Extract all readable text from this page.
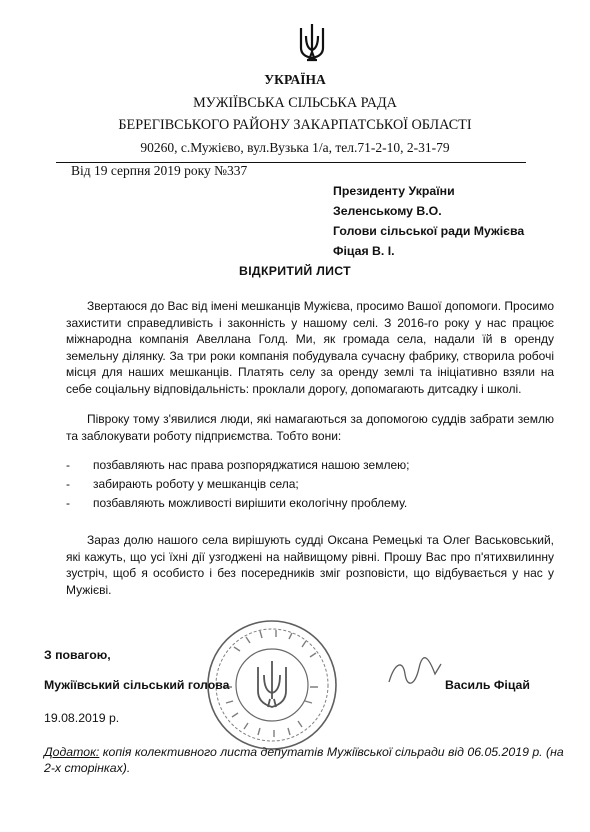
УКРАЇНА
МУЖІЇВСЬКА СІЛЬСЬКА РАДА
БЕРЕГІВСЬКОГО РАЙОНУ ЗАКАРПАТСЬКОЇ ОБЛАСТІ
90260, с.Мужієво, вул.Вузька 1/а, тел.71-2-10, 2-31-79
Від 19 серпня 2019 року №337
Президенту України
Зеленському В.О.
Голови сільської ради Мужієва
Фіцая В. І.
ВІДКРИТИЙ ЛИСТ
Звертаюся до Вас від імені мешканців Мужієва, просимо Вашої допомоги. Просимо захистити справедливість і законність у нашому селі. З 2016-го року у нас працює міжнародна компанія Авеллана Голд. Ми, як громада села, надали їй в оренду земельну ділянку. За три роки компанія побудувала сучасну фабрику, створила робочі місця для наших мешканців. Платять селу за оренду землі та ініціативно взяли на себе соціальну відповідальність: проклали дорогу, допомагають дитсадку і школі.
Півроку тому з'явилися люди, які намагаються за допомогою суддів забрати землю та заблокувати роботу підприємства. Тобто вони:
- позбавляють нас права розпоряджатися нашою землею;
- забирають роботу у мешканців села;
- позбавляють можливості вирішити екологічну проблему.
Зараз долю нашого села вирішують судді Оксана Ремецькі та Олег Васьковський, які кажуть, що усі їхні дії узгоджені на найвищому рівні. Прошу Вас про п'ятихвилинну зустріч, щоб я особисто і без посередників зміг розповісти, що відбувається у нас у Мужієві.
З повагою,
Мужіївський сільський голова	Василь Фіцай
19.08.2019 р.
Додаток: копія колективного листа депутатів Мужіївської сільради від 06.05.2019 р. (на 2-х сторінках).
